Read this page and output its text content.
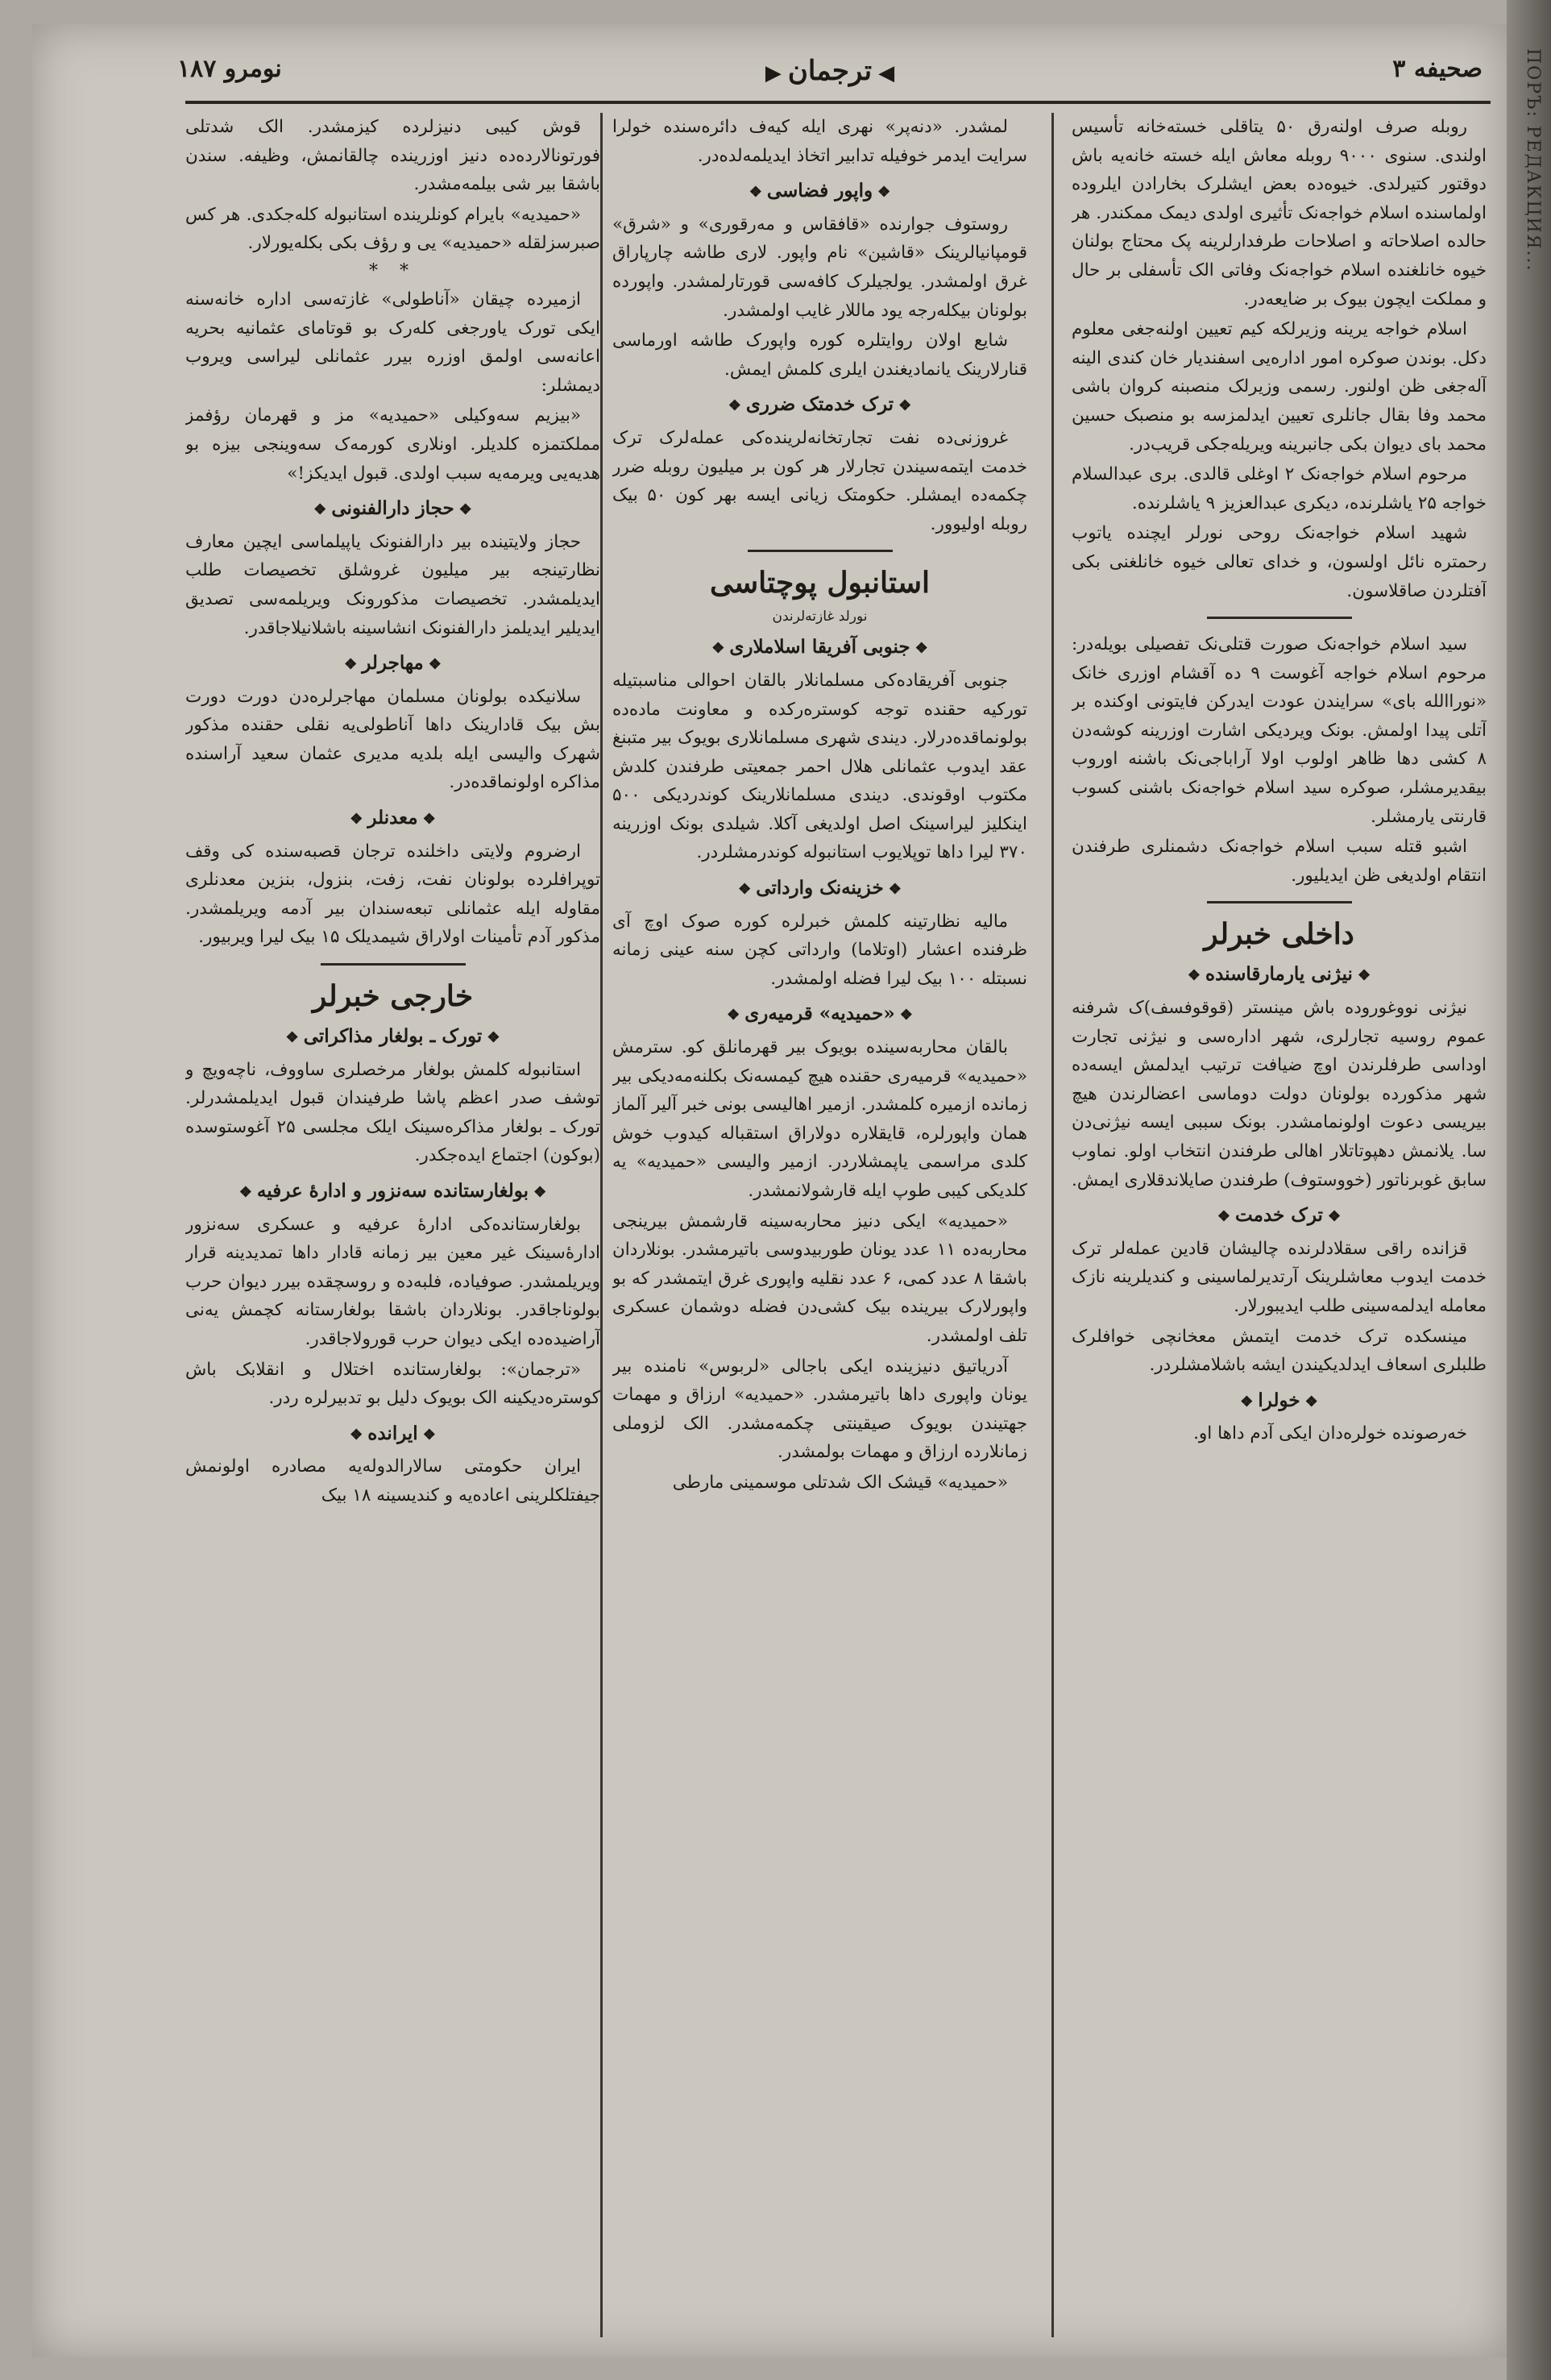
ПОРЪ: РЕДАКЦИЯ...
صحیفه ۳
◀ترجمان▶
نومرو ۱۸۷

روبله صرف اولنه‌رق ۵۰ یتاقلی خسته‌خانه تأسیس اولندی. سنوی ۹۰۰۰ روبله معاش ایله خسته خانه‌یه باش دوقتور کتیرلدی. خیوه‌ده بعض ایشلرک بخارادن ایلروده اولماسنده اسلام خواجه‌نک تأثیری اولدی دیمک ممکندر. هر حالده اصلاحاته و اصلاحات طرفدارلرینه پک محتاج بولنان خیوه خانلغنده اسلام خواجه‌نک وفاتی الک تأسفلی بر حال و مملکت ایچون بیوک بر ضایعه‌در.

اسلام خواجه یرینه وزیرلکه کیم تعیین اولنه‌جغی معلوم دکل. بوندن صوکره امور اداره‌یی اسفندیار خان کندی الینه آله‌جغی ظن اولنور. رسمی وزیرلک منصبنه کروان باشی محمد وفا بقال جانلری تعیین ایدلمزسه بو منصبک حسین محمد بای دیوان بکی جانبرینه ویریله‌جکی قریب‌در.

مرحوم اسلام خواجه‌نک ۲ اوغلی قالدی. بری عبدالسلام خواجه ۲۵ یاشلرنده، دیکری عبدالعزیز ۹ یاشلرنده.

شهید اسلام خواجه‌نک روحی نورلر ایچنده یاتوب رحمتره نائل اولسون، و خدای تعالی خیوه خانلغنی بکی آفتلردن صاقلاسون.

سید اسلام خواجه‌نک صورت قتلی‌نک تفصیلی بویله‌در: مرحوم اسلام خواجه آغوست ۹ ده آقشام اوزری خانک «نوراالله بای» سرایندن عودت ایدرکن فایتونی اوکنده بر آتلی پیدا اولمش. بونک ویردیکی اشارت اوزرینه کوشه‌دن ۸ کشی دها ظاهر اولوب اولا آراباجی‌نک باشنه اوروب بیقدیرمشلر، صوکره سید اسلام خواجه‌نک باشنی کسوب قارنتی یارمشلر.

اشبو قتله سبب اسلام خواجه‌نک دشمنلری طرفندن انتقام اولدیغی ظن ایدیلیور.

داخلی خبرلر

❖نیژنی یارمارقاسنده❖

نیژنی نووغوروده باش مینستر (قوقوفسف)ک شرفنه عموم روسیه تجارلری، شهر اداره‌سی و نیژنی تجارت اوداسی طرفلرندن اوچ ضیافت ترتیب ایدلمش ایسه‌ده شهر مذکورده بولونان دولت دوماسی اعضالرندن هیچ بیریسی دعوت اولونمامشدر. بونک سببی ایسه نیژنی‌دن سا. یلانمش دهپوتاتلار اهالی طرفندن انتخاب اولو. نماوب سابق غوبرناتور (خووستوف) طرفندن صایلاندقلاری ایمش.

❖ترک خدمت❖

قزانده راقی سقلادلرنده چالیشان قادین عمله‌لر ترک خدمت ایدوب معاشلرینک آرتدیرلماسینی و کندیلرینه نازک معامله ایدلمه‌سینی طلب ایدیبورلار.

مینسکده ترک خدمت ایتمش معخانچی خوافلرک طلبلری اسعاف ایدلدیکیندن ایشه باشلامشلردر.

❖خولرا❖

خه‌رصونده خولره‌دان ایکی آدم داها او.

لمشدر. «دنه‌پر» نهری ایله کیه‌ف دائره‌سنده خولرا سرایت ایدمر خوفیله تدابیر اتخاذ ایدیلمه‌لده‌در.

❖واپور فضاسی❖

روستوف جوارنده «قافقاس و مه‌رقوری» و «شرق» قومپانیالرینک «قاشین» نام واپور. لاری طاشه چارپاراق غرق اولمشدر. یولجیلرک کافه‌سی قورتارلمشدر. واپورده بولونان بیکله‌رجه یود ماللار غایب اولمشدر.

شایع اولان روایتلره کوره واپورک طاشه اورماسی قنارلارینک یانمادیغندن ایلری کلمش ایمش.

❖ترک خدمتک ضرری❖

غروزنی‌ده نفت تجارتخانه‌لرینده‌کی عمله‌لرک ترک خدمت ایتمه‌سیندن تجارلار هر کون بر میلیون روبله ضرر چکمه‌ده ایمشلر. حکومتک زیانی ایسه بهر کون ۵۰ بیک روبله اولیوور.

استانبول پوچتاسی

نورلد غازته‌لرندن

❖جنوبی آفریقا اسلاملاری❖

جنوبی آفریقاده‌کی مسلمانلار بالقان احوالی مناسبتیله تورکیه حقنده توجه کوستره‌رکده و معاونت ماده‌ده بولونماقده‌درلار. دیندی شهری مسلمانلاری بویوک بیر متبنغ عقد ایدوب عثمانلی هلال احمر جمعیتی طرفندن کلدش مکتوب اوقوندی. دیندی مسلمانلارینک کوندردیکی ۵۰۰ اینکلیز لیراسینک اصل اولدیغی آکلا. شیلدی بونک اوزرینه ۳۷۰ لیرا داها توپلایوب استانبوله کوندرمشلردر.

❖خزینه‌نک وارداتی❖

مالیه نظارتینه کلمش خبرلره کوره صوک اوچ آی ظرفنده اعشار (اوتلاما) وارداتی کچن سنه عینی زمانه نسبتله ۱۰۰ بیک لیرا فضله اولمشدر.

❖«حمیدیه» قرمیه‌ری❖

بالقان محاربه‌سینده بویوک بیر قهرمانلق کو. سترمش «حمیدیه» قرمیه‌ری حقنده هیچ کیمسه‌نک بکلنه‌مه‌دیکی بیر زمانده ازمیره کلمشدر. ازمیر اهالیسی بونی خبر آلیر آلماز همان واپورلره، قایقلاره دولاراق استقباله کیدوب خوش کلدی مراسمی یاپمشلاردر. ازمیر والیسی «حمیدیه» یه کلدیکی کیبی طوپ ایله قارشولانمشدر.

«حمیدیه» ایکی دنیز محاربه‌سینه قارشمش بیرینجی محاربه‌ده ۱۱ عدد یونان طوربیدوسی باتیرمشدر. بونلاردان باشقا ۸ عدد کمی، ۶ عدد نقلیه واپوری غرق ایتمشدر که بو واپورلارک بیرینده بیک کشی‌دن فضله دوشمان عسکری تلف اولمشدر.

آدریاتیق دنیزینده ایکی باجالی «لربوس» نامنده بیر یونان واپوری داها باتیرمشدر. «حمیدیه» ارزاق و مهمات جهتیندن بویوک صیقینتی چکمه‌مشدر. الک لزوملی زمانلارده ارزاق و مهمات بولمشدر.

«حمیدیه» قیشک الک شدتلی موسمینی مارطی

قوش کیبی دنیزلرده کیزمشدر. الک شدتلی فورتونالارده‌ده دنیز اوزرینده چالقانمش، وظیفه. سندن باشقا بیر شی بیلمه‌مشدر.

«حمیدیه» بایرام کونلرینده استانبوله کله‌جکدی. هر کس صبرسزلقله «حمیدیه» یی و رؤف بکی بکله‌یورلار.

* *

ازمیرده چیقان «آناطولی» غازته‌سی اداره خانه‌سنه ایکی تورک یاورجغی کله‌رک بو قوتامای عثمانیه بحریه اعانه‌سی اولمق اوزره بیرر عثمانلی لیراسی ویروب دیمشلر:

«بیزیم سه‌وکیلی «حمیدیه» مز و قهرمان رؤفمز مملکتمزه کلدیلر. اونلاری کورمه‌ک سه‌وینجی بیزه بو هدیه‌یی ویرمه‌یه سبب اولدی. قبول ایدیکز!»

❖حجاز دارالفنونی❖

حجاز ولایتینده بیر دارالفنونک یاپیلماسی ایچین معارف نظارتینجه بیر میلیون غروشلق تخصیصات طلب ایدیلمشدر. تخصیصات مذکورونک ویریلمه‌سی تصدیق ایدیلیر ایدیلمز دارالفنونک انشاسینه باشلانیلاجاقدر.

❖مهاجرلر❖

سلانیکده بولونان مسلمان مهاجرلره‌دن دورت دورت بش بیک قادارینک داها آناطولی‌یه نقلی حقنده مذکور شهرک والیسی ایله بلدیه مدیری عثمان سعید آراسنده مذاکره اولونماقده‌در.

❖معدنلر❖

ارضروم ولایتی داخلنده ترجان قصبه‌سنده کی وقف توپرافلرده بولونان نفت، زفت، بنزول، بنزین معدنلری مقاوله ایله عثمانلی تبعه‌سندان بیر آدمه ویریلمشدر. مذکور آدم تأمینات اولاراق شیمدیلک ۱۵ بیک لیرا ویربیور.

خارجی خبرلر

❖تورک ـ بولغار مذاکراتی❖

استانبوله کلمش بولغار مرخصلری ساووف، ناچه‌ویچ و توشف صدر اعظم پاشا طرفیندان قبول ایدیلمشدرلر. تورک ـ بولغار مذاکره‌سینک ایلک مجلسی ۲۵ آغوستوسده (بوکون) اجتماع ایده‌جکدر.

❖بولغارستانده سه‌نزور و ادارهٔ عرفیه❖

بولغارستانده‌کی ادارهٔ عرفیه و عسکری سه‌نزور ادارهٔ‌سینک غیر معین بیر زمانه قادار داها تمدیدینه قرار ویریلمشدر. صوفیاده، فلبه‌ده و روسچقده بیرر دیوان حرب بولوناجاقدر. بونلاردان باشقا بولغارستانه کچمش یه‌نی آراضیده‌ده ایکی دیوان حرب قورولاجاقدر.

«ترجمان»: بولغارستانده اختلال و انقلابک باش کوستره‌دیکینه الک بویوک دلیل بو تدبیرلره ردر.

❖ایرانده❖

ایران حکومتی سالارالدوله‌یه مصادره اولونمش جیفتلکلرینی اعاده‌یه و کندیسینه ۱۸ بیک
